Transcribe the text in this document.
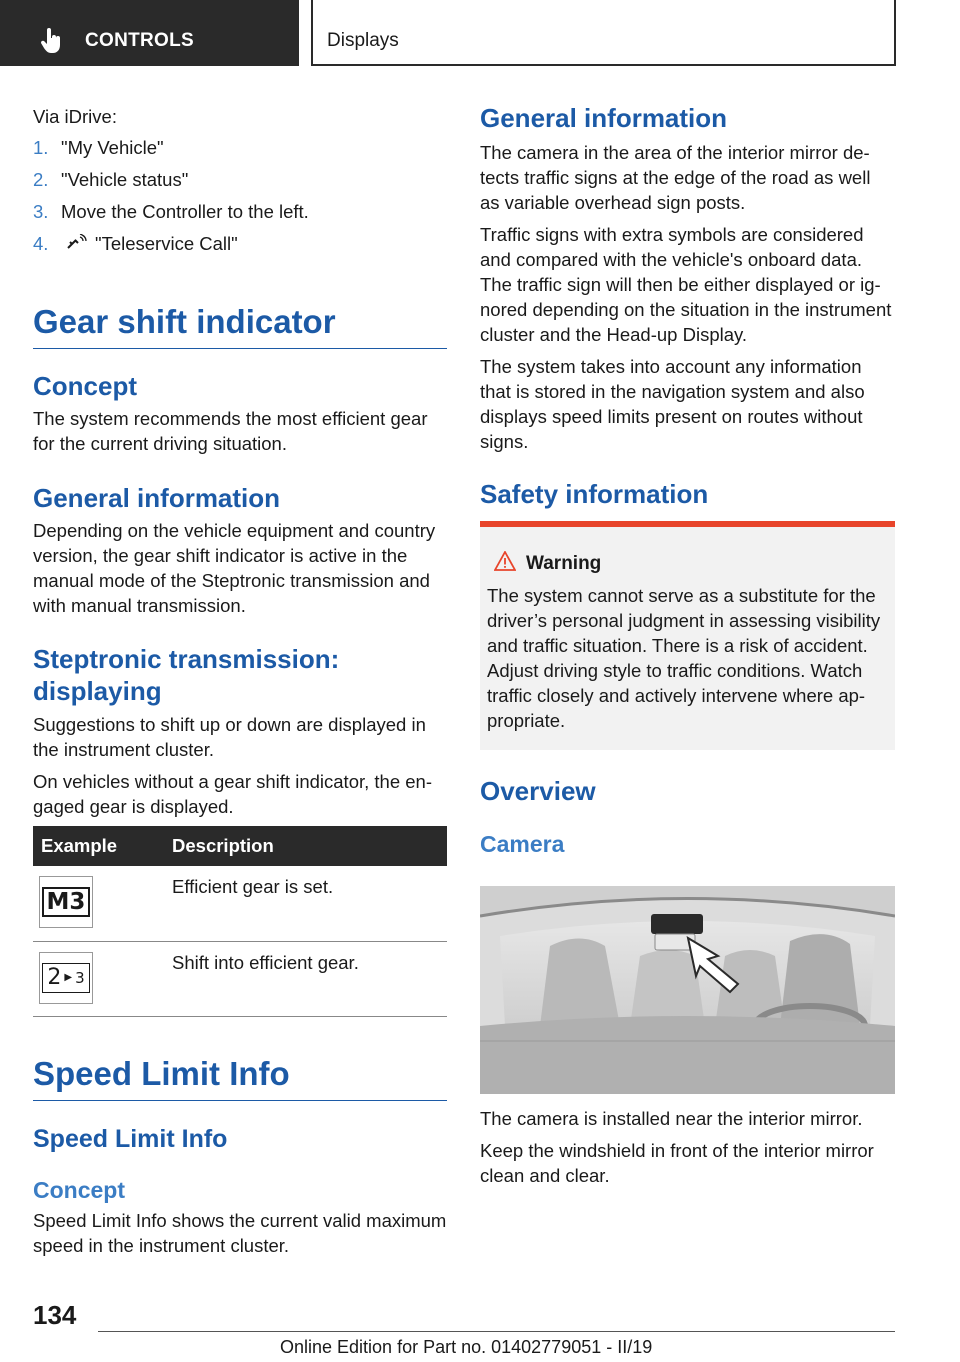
CONTROLS	Displays

Via iDrive:

1. "My Vehicle"
2. "Vehicle status"
3. Move the Controller to the left.
4.	"Teleservice Call"
Gear shift indicator
Concept

The system recommends the most efficient gear for the current driving situation.

General information

Depending on the vehicle equipment and country version, the gear shift indicator is active in the manual mode of the Steptronic transmission and with manual transmission.

Steptronic transmission:
displaying

Suggestions to shift up or down are displayed in the instrument cluster.

On vehicles without a gear shift indicator, the engaged gear is displayed.

Example	Description

M3	Efficient gear is set.

2 ▶ 3	Shift into efficient gear.
Speed Limit Info
Speed Limit Info
Concept

Speed Limit Info shows the current valid maximum speed in the instrument cluster.

General information

The camera in the area of the interior mirror detects traffic signs at the edge of the road as well as variable overhead sign posts.

Traffic signs with extra symbols are considered and compared with the vehicle's onboard data. The traffic sign will then be either displayed or ignored depending on the situation in the instrument cluster and the Head-up Display.

The system takes into account any information that is stored in the navigation system and also displays speed limits present on routes without signs.

Safety information
Warning

The system cannot serve as a substitute for the driver’s personal judgment in assessing visibility and traffic situation. There is a risk of accident. Adjust driving style to traffic conditions. Watch traffic closely and actively intervene where appropriate.

Overview
Camera

The camera is installed near the interior mirror.

Keep the windshield in front of the interior mirror clean and clear.

134
Online Edition for Part no. 01402779051 - II/19
